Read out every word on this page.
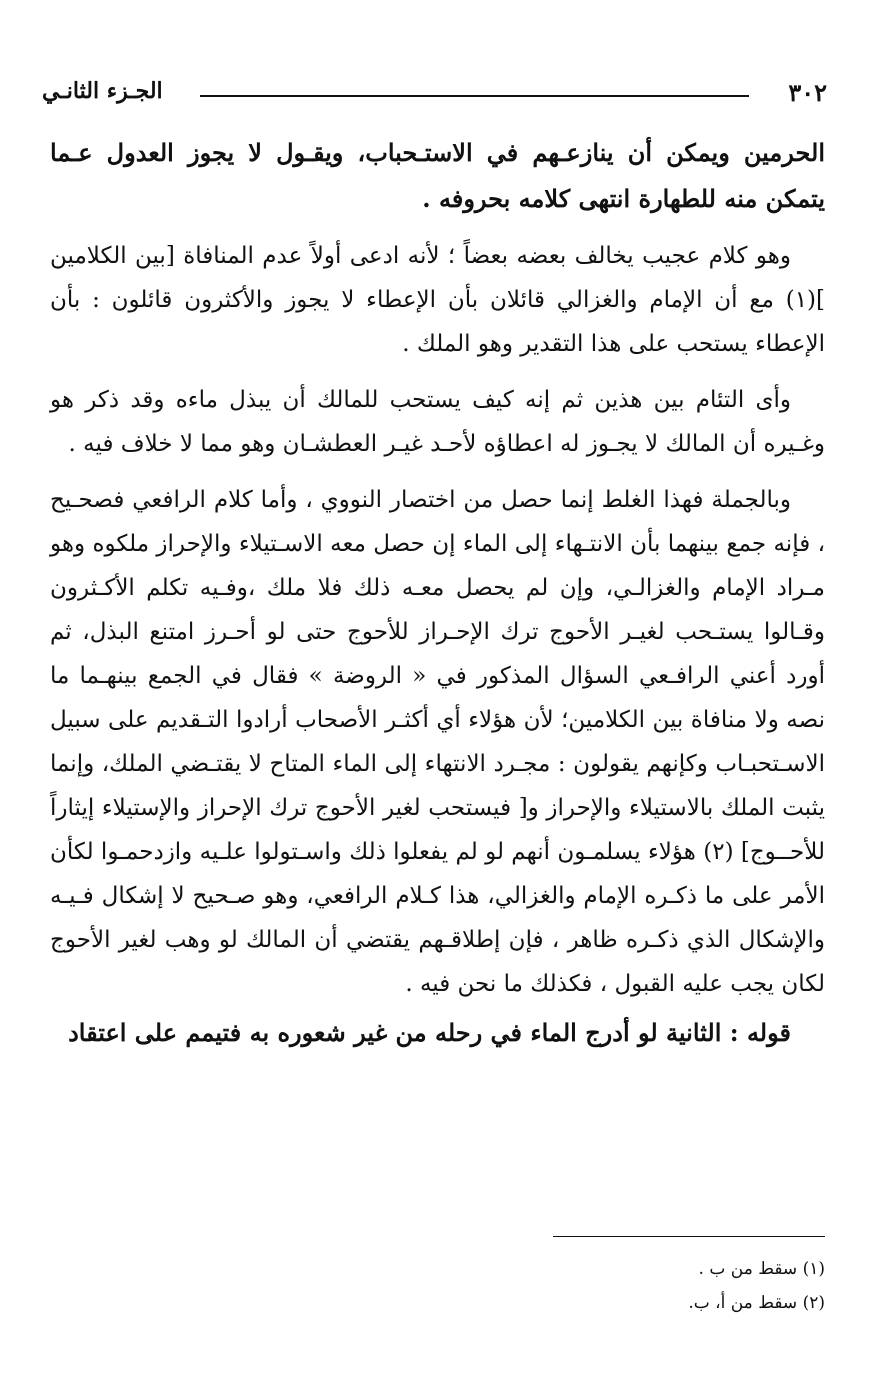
٣٠٢
الجـزء الثانـي

الحرمين ويمكن أن ينازعـهم في الاستـحباب، ويقـول لا يجوز العدول عـما يتمكن منه للطهارة انتهى كلامه بحروفه .

وهو كلام عجيب يخالف بعضه بعضاً ؛ لأنه ادعى أولاً عدم المنافاة [بين الكلامين ](١) مع أن الإمام والغزالي قائلان بأن الإعطاء لا يجوز والأكثرون قائلون : بأن الإعطاء يستحب على هذا التقدير وهو الملك .

وأى التئام بين هذين ثم إنه كيف يستحب للمالك أن يبذل ماءه وقد ذكر هو وغـيره أن المالك لا يجـوز له اعطاؤه لأحـد غيـر العطشـان وهو مما لا خلاف فيه .

وبالجملة فهذا الغلط إنما حصل من اختصار النووي ، وأما كلام الرافعي فصحـيح ، فإنه جمع بينهما بأن الانتـهاء إلى الماء إن حصل معه الاسـتيلاء والإحراز ملكوه وهو مـراد الإمام والغزالـي، وإن لم يحصل معـه ذلك فلا ملك ،وفـيه تكلم الأكـثرون وقـالوا يستـحب لغيـر الأحوج ترك الإحـراز للأحوج حتى لو أحـرز امتنع البذل، ثم أورد أعني الرافـعي السؤال المذكور في « الروضة » فقال في الجمع بينهـما ما نصه ولا منافاة بين الكلامين؛ لأن هؤلاء أي أكثـر الأصحاب أرادوا التـقديم على سبيل الاسـتحبـاب وكإنهم يقولون : مجـرد الانتهاء إلى الماء المتاح لا يقتـضي الملك، وإنما يثبت الملك بالاستيلاء والإحراز و[ فيستحب لغير الأحوج ترك الإحراز والإستيلاء إيثاراً للأحــوج] (٢) هؤلاء يسلمـون أنهم لو لم يفعلوا ذلك واسـتولوا علـيه وازدحمـوا لكأن الأمر على ما ذكـره الإمام والغزالي، هذا كـلام الرافعي، وهو صـحيح لا إشكال فـيـه والإشكال الذي ذكـره ظاهر ، فإن إطلاقـهم يقتضي أن المالك لو وهب لغير الأحوج لكان يجب عليه القبول ، فكذلك ما نحن فيه .

قوله : الثانية لو أدرج الماء في رحله من غير شعوره به فتيمم على اعتقاد

(١) سقط من ب .

(٢) سقط من أ، ب.
